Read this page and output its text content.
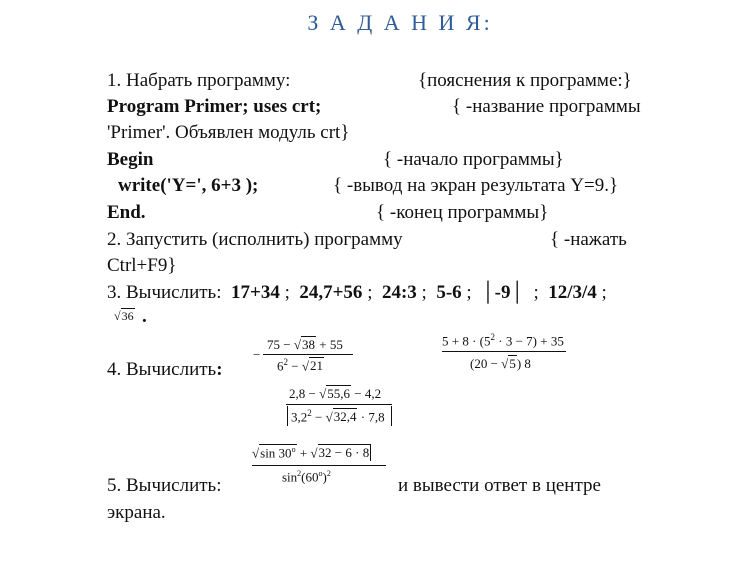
З А Д А Н И Я:
1. Набрать программу:	{пояснения к программе:}
Program Primer; uses crt;	{ -название программы
'Primer'. Объявлен модуль crt}
Begin	{ -начало программы}
write('Y=', 6+3 );	{ -вывод на экран результата Y=9.}
End.	{ -конец программы}
2. Запустить (исполнить) программу	{ -нажать
Ctrl+F9}
3. Вычислить: 17+34 ; 24,7+56 ; 24:3 ; 5-6 ; │-9│ ; 12/3/4 ;
√36 .
4. Вычислить:
−
75 − √38 + 55
$6^2 - √21$
$5 + 8 \cdot (5^2 \cdot 3 - 7) + 35$
(20 − √5) 8
2,8 − √55,6 − 4,2
$3,2^2 - √32,4 \cdot 7,8$
5. Вычислить:
√sin $30^o + √32 - 6 \cdot 8$
$\sin^2(60^o)^2$
и вывести ответ в центре
экрана.
